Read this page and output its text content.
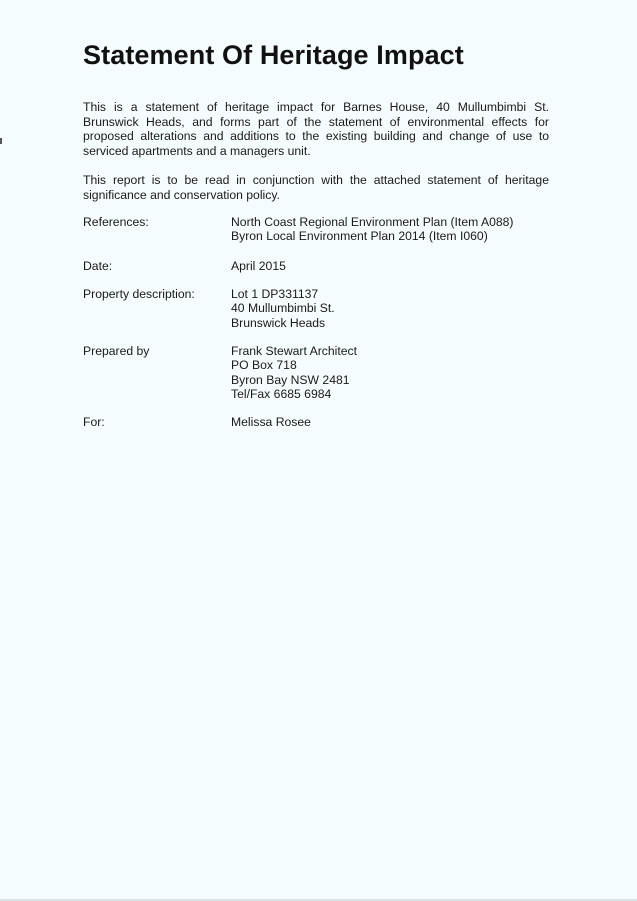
Statement Of Heritage Impact

This is a statement of heritage impact for Barnes House, 40 Mullumbimbi St. Brunswick Heads, and forms part of the statement of environmental effects for proposed alterations and additions to the existing building and change of use to serviced apartments and a managers unit.

This report is to be read in conjunction with the attached statement of heritage significance and conservation policy.

References:	North Coast Regional Environment Plan (Item A088)
Byron Local Environment Plan 2014 (Item I060)
Date:	April 2015
Property description:	Lot 1 DP331137
40 Mullumbimbi St.
Brunswick Heads
Prepared by	Frank Stewart Architect
PO Box 718
Byron Bay NSW 2481
Tel/Fax 6685 6984
For:	Melissa Rosee
